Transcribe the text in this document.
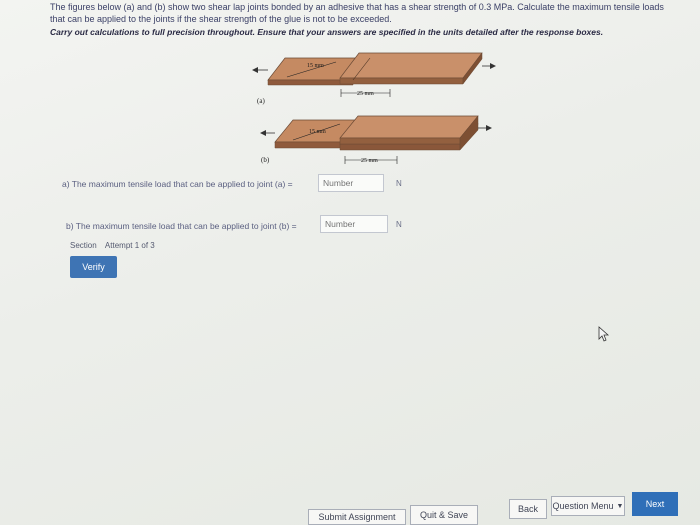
The figures below (a) and (b) show two shear lap joints bonded by an adhesive that has a shear strength of 0.3 MPa. Calculate the maximum tensile loads
that can be applied to the joints if the shear strength of the glue is not to be exceeded.
Carry out calculations to full precision throughout. Ensure that your answers are specified in the units detailed after the response boxes.
15 mm
25 mm
(a)
15 mm
25 mm
(b)
a) The maximum tensile load that can be applied to joint (a) =
Number	N
b) The maximum tensile load that can be applied to joint (b) =
Number	N
Section Attempt 1 of 3
Verify
Submit Assignment	Quit & Save
Back	Question Menu ▼	Next
